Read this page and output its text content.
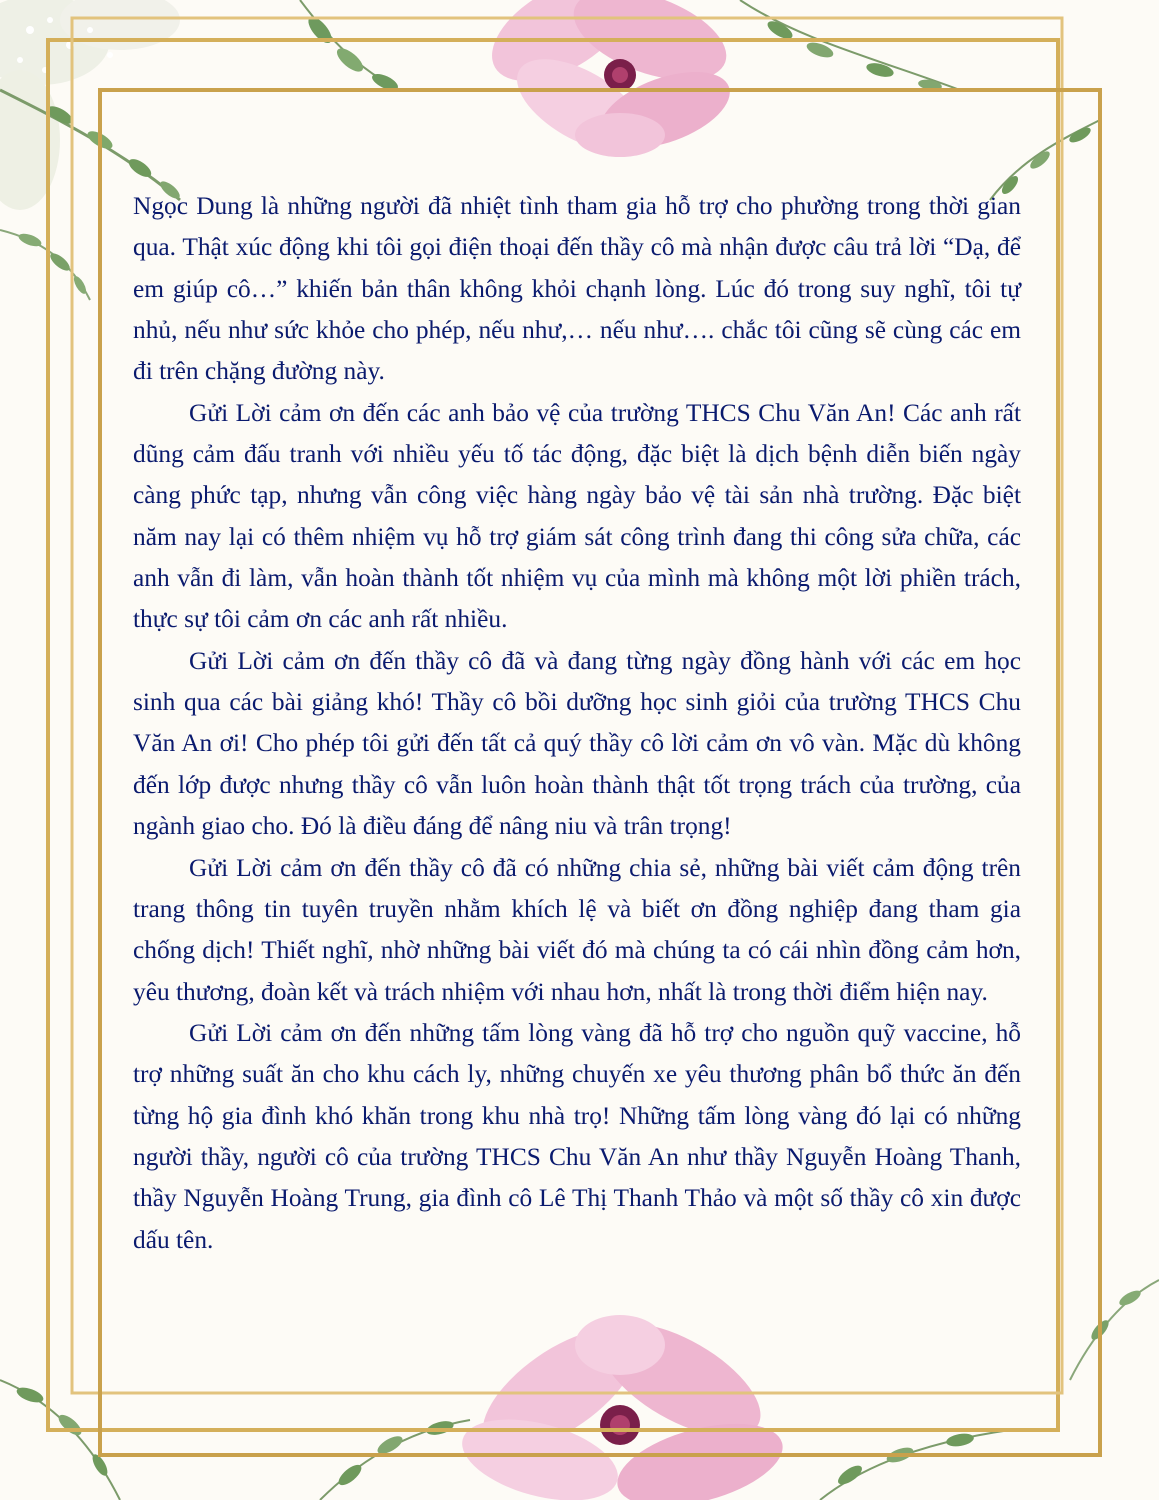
Ngọc Dung là những người đã nhiệt tình tham gia hỗ trợ cho phường trong thời gian qua. Thật xúc động khi tôi gọi điện thoại đến thầy cô mà nhận được câu trả lời “Dạ, để em giúp cô…” khiến bản thân không khỏi chạnh lòng. Lúc đó trong suy nghĩ, tôi tự nhủ, nếu như sức khỏe cho phép, nếu như,… nếu như…. chắc tôi cũng sẽ cùng các em đi trên chặng đường này.

Gửi Lời cảm ơn đến các anh bảo vệ của trường THCS Chu Văn An! Các anh rất dũng cảm đấu tranh với nhiều yếu tố tác động, đặc biệt là dịch bệnh diễn biến ngày càng phức tạp, nhưng vẫn công việc hàng ngày bảo vệ tài sản nhà trường. Đặc biệt năm nay lại có thêm nhiệm vụ hỗ trợ giám sát công trình đang thi công sửa chữa, các anh vẫn đi làm, vẫn hoàn thành tốt nhiệm vụ của mình mà không một lời phiền trách, thực sự tôi cảm ơn các anh rất nhiều.

Gửi Lời cảm ơn đến thầy cô đã và đang từng ngày đồng hành với các em học sinh qua các bài giảng khó! Thầy cô bồi dưỡng học sinh giỏi của trường THCS Chu Văn An ơi! Cho phép tôi gửi đến tất cả quý thầy cô lời cảm ơn vô vàn. Mặc dù không đến lớp được nhưng thầy cô vẫn luôn hoàn thành thật tốt trọng trách của trường, của ngành giao cho. Đó là điều đáng để nâng niu và trân trọng!

Gửi Lời cảm ơn đến thầy cô đã có những chia sẻ, những bài viết cảm động trên trang thông tin tuyên truyền nhằm khích lệ và biết ơn đồng nghiệp đang tham gia chống dịch! Thiết nghĩ, nhờ những bài viết đó mà chúng ta có cái nhìn đồng cảm hơn, yêu thương, đoàn kết và trách nhiệm với nhau hơn, nhất là trong thời điểm hiện nay.

Gửi Lời cảm ơn đến những tấm lòng vàng đã hỗ trợ cho nguồn quỹ vaccine, hỗ trợ những suất ăn cho khu cách ly, những chuyến xe yêu thương phân bổ thức ăn đến từng hộ gia đình khó khăn trong khu nhà trọ! Những tấm lòng vàng đó lại có những người thầy, người cô của trường THCS Chu Văn An như thầy Nguyễn Hoàng Thanh, thầy Nguyễn Hoàng Trung, gia đình cô Lê Thị Thanh Thảo và một số thầy cô xin được dấu tên.
